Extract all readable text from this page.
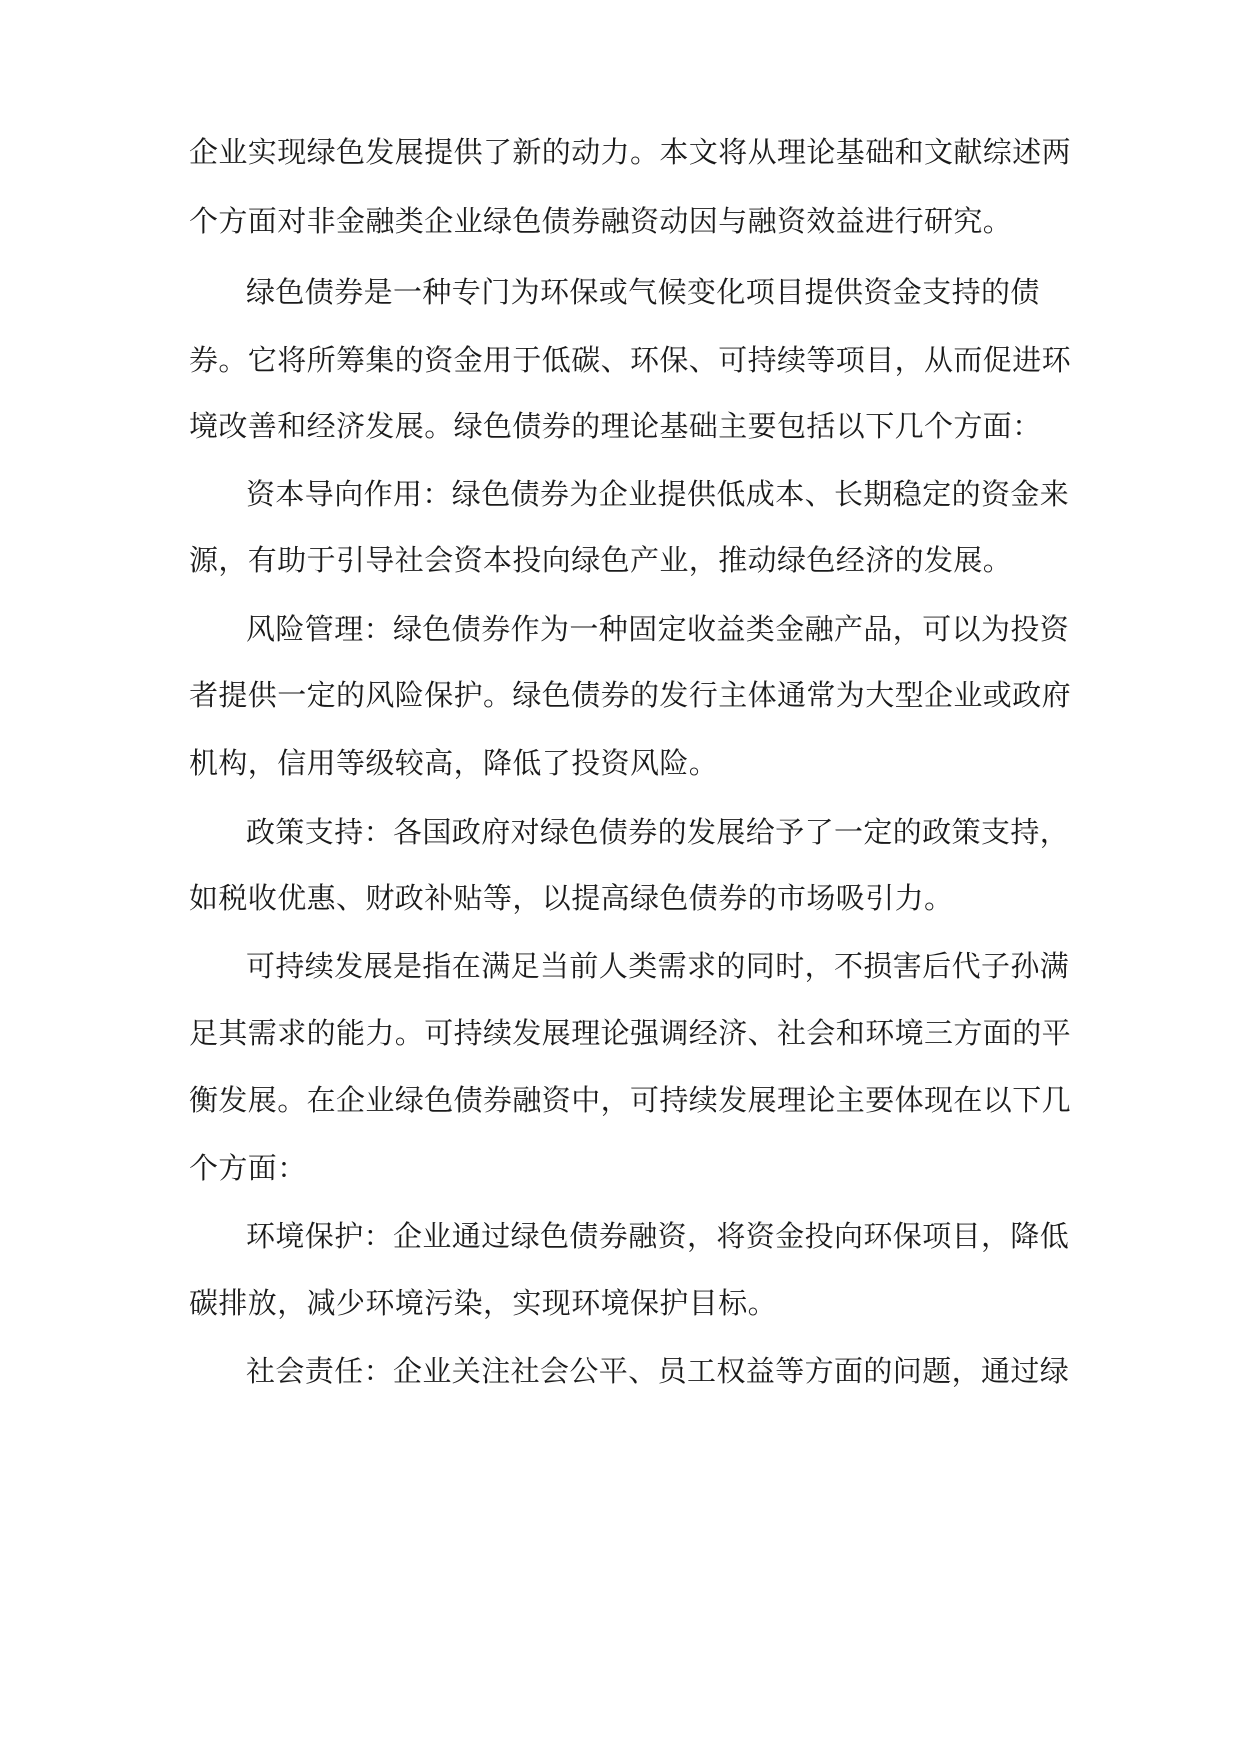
企业实现绿色发展提供了新的动力。本文将从理论基础和文献综述两
个方面对非金融类企业绿色债券融资动因与融资效益进行研究。
绿色债券是一种专门为环保或气候变化项目提供资金支持的债
券。它将所筹集的资金用于低碳、环保、可持续等项目，从而促进环
境改善和经济发展。绿色债券的理论基础主要包括以下几个方面：
资本导向作用：绿色债券为企业提供低成本、长期稳定的资金来
源，有助于引导社会资本投向绿色产业，推动绿色经济的发展。
风险管理：绿色债券作为一种固定收益类金融产品，可以为投资
者提供一定的风险保护。绿色债券的发行主体通常为大型企业或政府
机构，信用等级较高，降低了投资风险。
政策支持：各国政府对绿色债券的发展给予了一定的政策支持，
如税收优惠、财政补贴等，以提高绿色债券的市场吸引力。
可持续发展是指在满足当前人类需求的同时，不损害后代子孙满
足其需求的能力。可持续发展理论强调经济、社会和环境三方面的平
衡发展。在企业绿色债券融资中，可持续发展理论主要体现在以下几
个方面：
环境保护：企业通过绿色债券融资，将资金投向环保项目，降低
碳排放，减少环境污染，实现环境保护目标。
社会责任：企业关注社会公平、员工权益等方面的问题，通过绿
